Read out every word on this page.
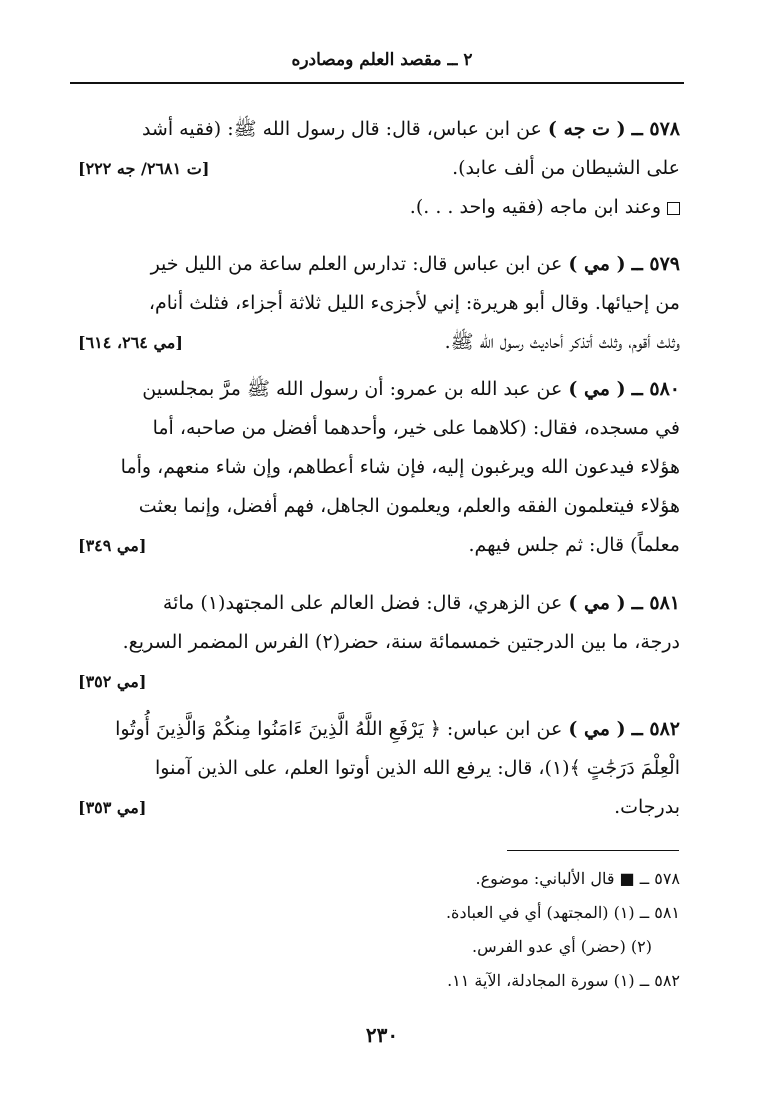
٢ ــ مقصد العلم ومصادره
٥٧٨ ــ ( ت جه ) عن ابن عباس، قال: قال رسول الله ﷺ: (فقيه أشد
على الشيطان من ألف عابد).
[ت ٢٦٨١/ جه ٢٢٢]
وعند ابن ماجه (فقيه واحد . . .).
٥٧٩ ــ ( مي ) عن ابن عباس قال: تدارس العلم ساعة من الليل خير
من إحيائها. وقال أبو هريرة: إني لأجزىء الليل ثلاثة أجزاء، فثلث أنام،
وثلث أقوم، وثلث أتذكر أحاديث رسول الله ﷺ.
[مي ٢٦٤، ٦١٤]
٥٨٠ ــ ( مي ) عن عبد الله بن عمرو: أن رسول الله ﷺ مرَّ بمجلسين
في مسجده، فقال: (كلاهما على خير، وأحدهما أفضل من صاحبه، أما
هؤلاء فيدعون الله ويرغبون إليه، فإن شاء أعطاهم، وإن شاء منعهم، وأما
هؤلاء فيتعلمون الفقه والعلم، ويعلمون الجاهل، فهم أفضل، وإنما بعثت
معلماً) قال: ثم جلس فيهم.
[مي ٣٤٩]
٥٨١ ــ ( مي ) عن الزهري، قال: فضل العالم على المجتهد(١) مائة
درجة، ما بين الدرجتين خمسمائة سنة، حضر(٢) الفرس المضمر السريع.
[مي ٣٥٢]
٥٨٢ ــ ( مي ) عن ابن عباس: ﴿ يَرْفَعِ اللَّهُ الَّذِينَ ءَامَنُوا مِنكُمْ وَالَّذِينَ أُوتُوا
الْعِلْمَ دَرَجَٰتٍ ﴾(١)، قال: يرفع الله الذين أوتوا العلم، على الذين آمنوا
بدرجات.
[مي ٣٥٣]
٥٧٨ ــ ■ قال الألباني: موضوع.
٥٨١ ــ (١) (المجتهد) أي في العبادة.
(٢) (حضر) أي عدو الفرس.
٥٨٢ ــ (١) سورة المجادلة، الآية ١١.
٢٣٠
